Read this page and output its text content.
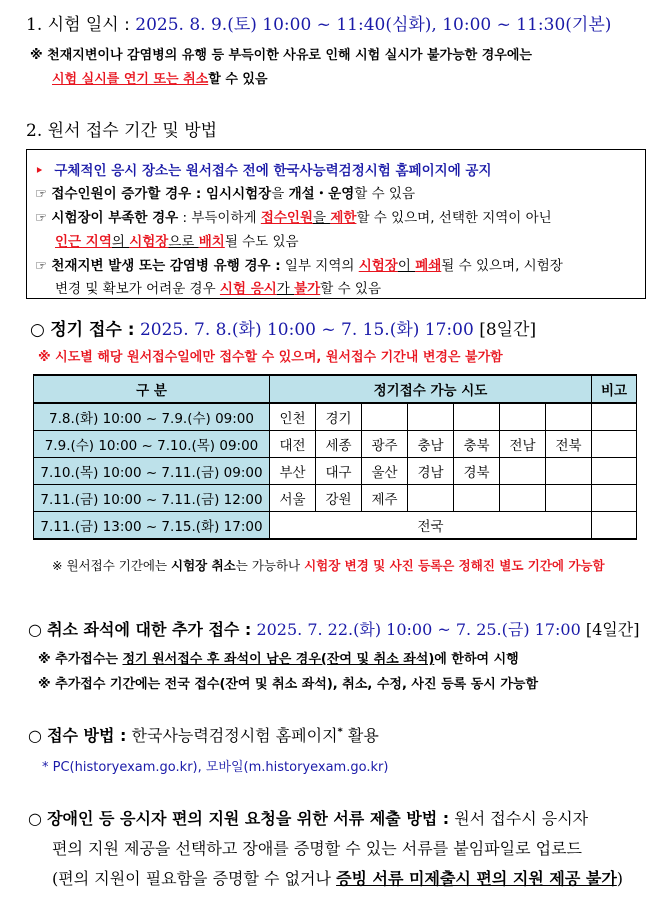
1. 시험 일시 : 2025. 8. 9.(토) 10:00 ~ 11:40(심화), 10:00 ~ 11:30(기본)
※ 천재지변이나 감염병의 유행 등 부득이한 사유로 인해 시험 실시가 불가능한 경우에는
시험 실시를 연기 또는 취소할 수 있음
2. 원서 접수 기간 및 방법
‣ 구체적인 응시 장소는 원서접수 전에 한국사능력검정시험 홈페이지에 공지
☞ 접수인원이 증가할 경우 : 임시시험장을 개설・운영할 수 있음
☞ 시험장이 부족한 경우 : 부득이하게 접수인원을 제한할 수 있으며, 선택한 지역이 아닌
인근 지역의 시험장으로 배치될 수도 있음
☞ 천재지변 발생 또는 감염병 유행 경우 : 일부 지역의 시험장이 폐쇄될 수 있으며, 시험장
변경 및 확보가 어려운 경우 시험 응시가 불가할 수 있음
○ 정기 접수 : 2025. 7. 8.(화) 10:00 ~ 7. 15.(화) 17:00 [8일간]
※ 시도별 해당 원서접수일에만 접수할 수 있으며, 원서접수 기간내 변경은 불가함
구 분	정기접수 가능 시도							비고
7.8.(화) 10:00 ~ 7.9.(수) 09:00	인천	경기						
7.9.(수) 10:00 ~ 7.10.(목) 09:00	대전	세종	광주	충남	충북	전남	전북	
7.10.(목) 10:00 ~ 7.11.(금) 09:00	부산	대구	울산	경남	경북			
7.11.(금) 10:00 ~ 7.11.(금) 12:00	서울	강원	제주					
7.11.(금) 13:00 ~ 7.15.(화) 17:00	전국							
※ 원서접수 기간에는 시험장 취소는 가능하나 시험장 변경 및 사진 등록은 정해진 별도 기간에 가능함
○ 취소 좌석에 대한 추가 접수 : 2025. 7. 22.(화) 10:00 ~ 7. 25.(금) 17:00 [4일간]
※ 추가접수는 정기 원서접수 후 좌석이 남은 경우(잔여 및 취소 좌석)에 한하여 시행
※ 추가접수 기간에는 전국 접수(잔여 및 취소 좌석), 취소, 수정, 사진 등록 동시 가능함
○ 접수 방법 : 한국사능력검정시험 홈페이지* 활용
* PC(historyexam.go.kr), 모바일(m.historyexam.go.kr)
○ 장애인 등 응시자 편의 지원 요청을 위한 서류 제출 방법 : 원서 접수시 응시자
편의 지원 제공을 선택하고 장애를 증명할 수 있는 서류를 붙임파일로 업로드
(편의 지원이 필요함을 증명할 수 없거나 증빙 서류 미제출시 편의 지원 제공 불가)
